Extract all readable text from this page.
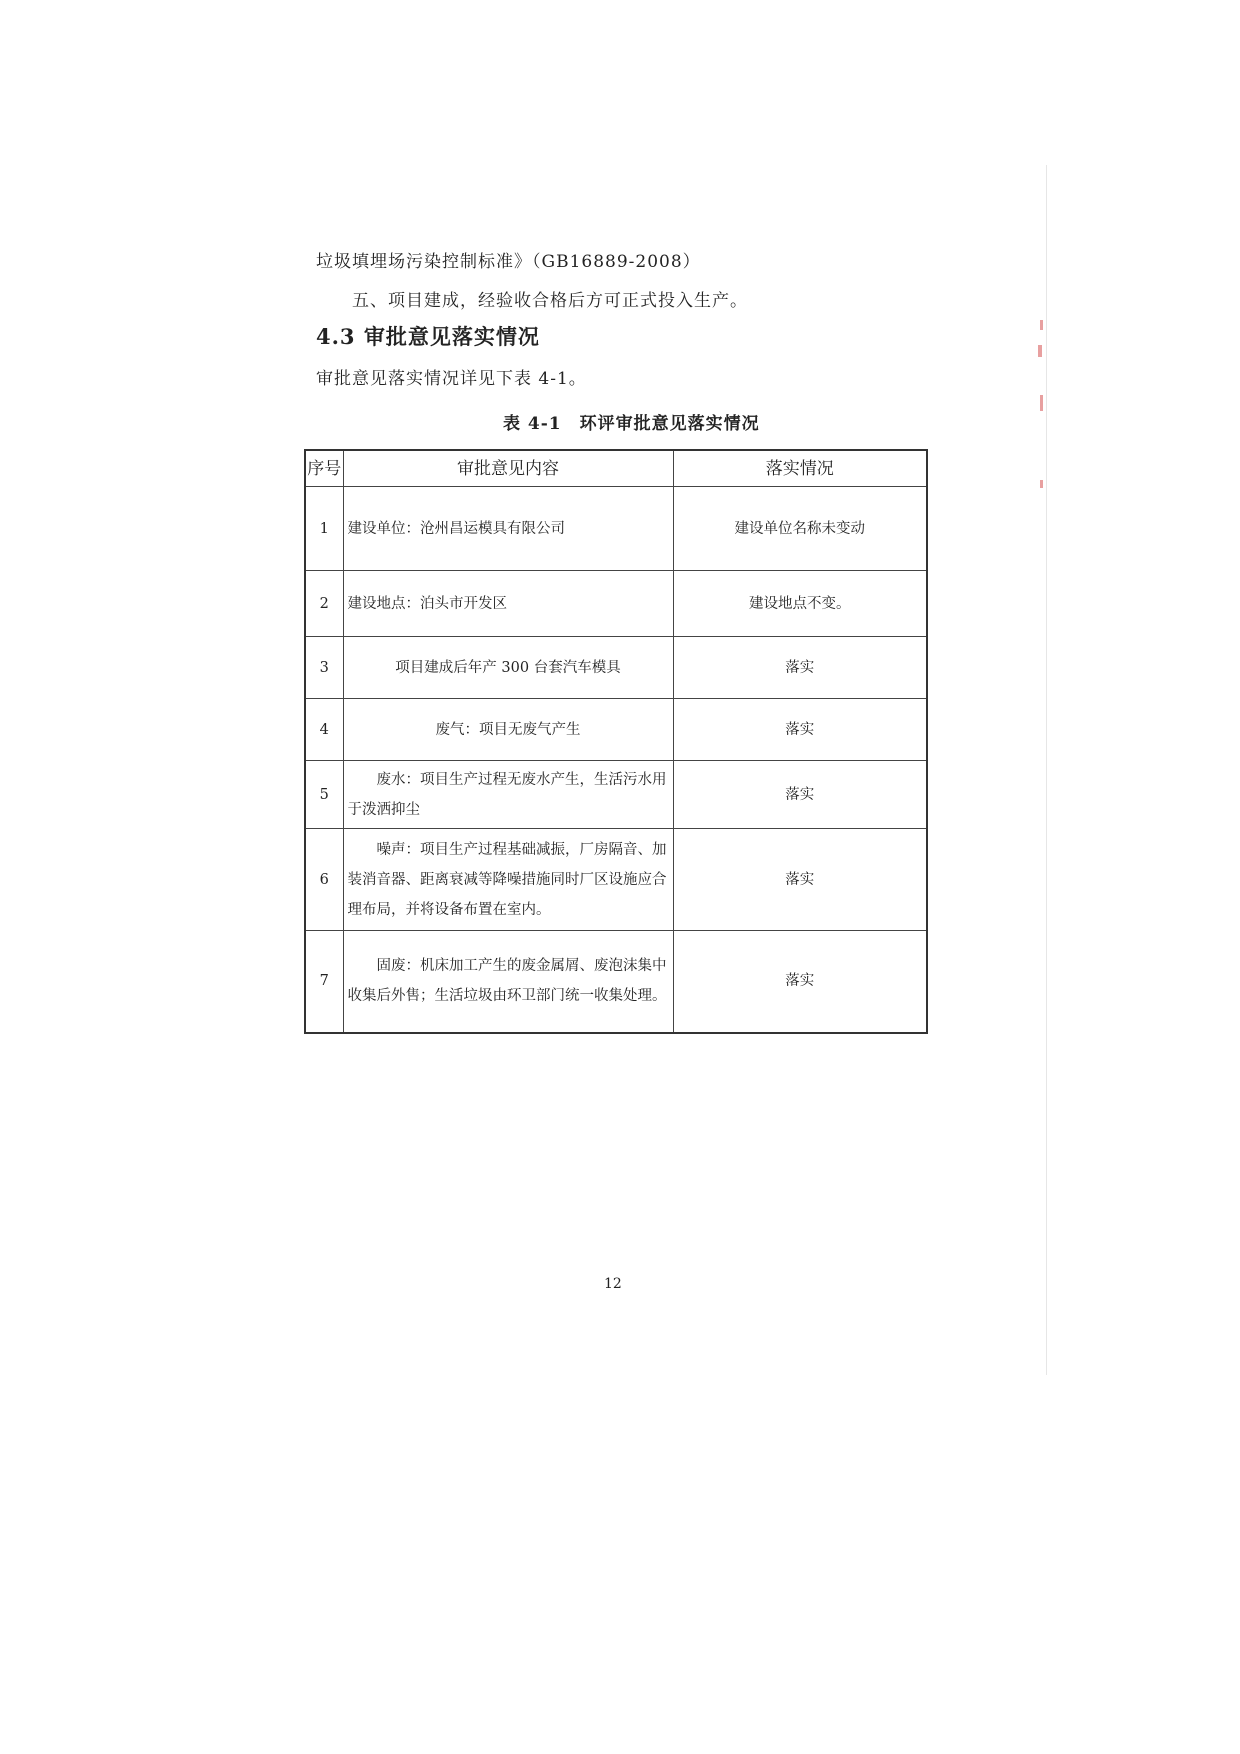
垃圾填埋场污染控制标准》（GB16889-2008）
五、项目建成，经验收合格后方可正式投入生产。
4.3 审批意见落实情况
审批意见落实情况详见下表 4-1。
表 4-1　环评审批意见落实情况
序号	审批意见内容	落实情况
1	建设单位：沧州昌运模具有限公司	建设单位名称未变动
2	建设地点：泊头市开发区	建设地点不变。
3	项目建成后年产 300 台套汽车模具	落实
4	废气：项目无废气产生	落实
5	废水：项目生产过程无废水产生，生活污水用于泼洒抑尘	落实
6	噪声：项目生产过程基础减振，厂房隔音、加装消音器、距离衰减等降噪措施同时厂区设施应合理布局，并将设备布置在室内。	落实
7	固废：机床加工产生的废金属屑、废泡沫集中收集后外售；生活垃圾由环卫部门统一收集处理。	落实
12
